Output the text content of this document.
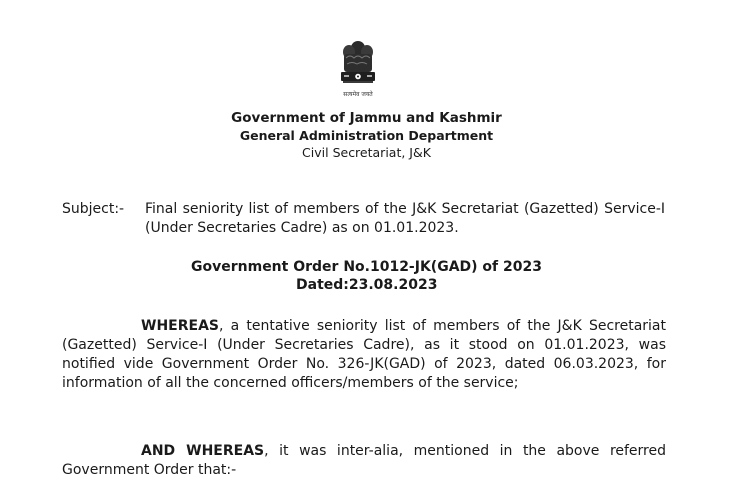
सत्यमेव जयते
Government of Jammu and Kashmir
General Administration Department
Civil Secretariat, J&K
Subject:- Final seniority list of members of the J&K Secretariat (Gazetted) Service-I (Under Secretaries Cadre) as on 01.01.2023.
Government Order No.1012-JK(GAD) of 2023
Dated:23.08.2023
WHEREAS, a tentative seniority list of members of the J&K Secretariat (Gazetted) Service-I (Under Secretaries Cadre), as it stood on 01.01.2023, was notified vide Government Order No. 326-JK(GAD) of 2023, dated 06.03.2023, for information of all the concerned officers/members of the service;
AND WHEREAS, it was inter-alia, mentioned in the above referred Government Order that:-
